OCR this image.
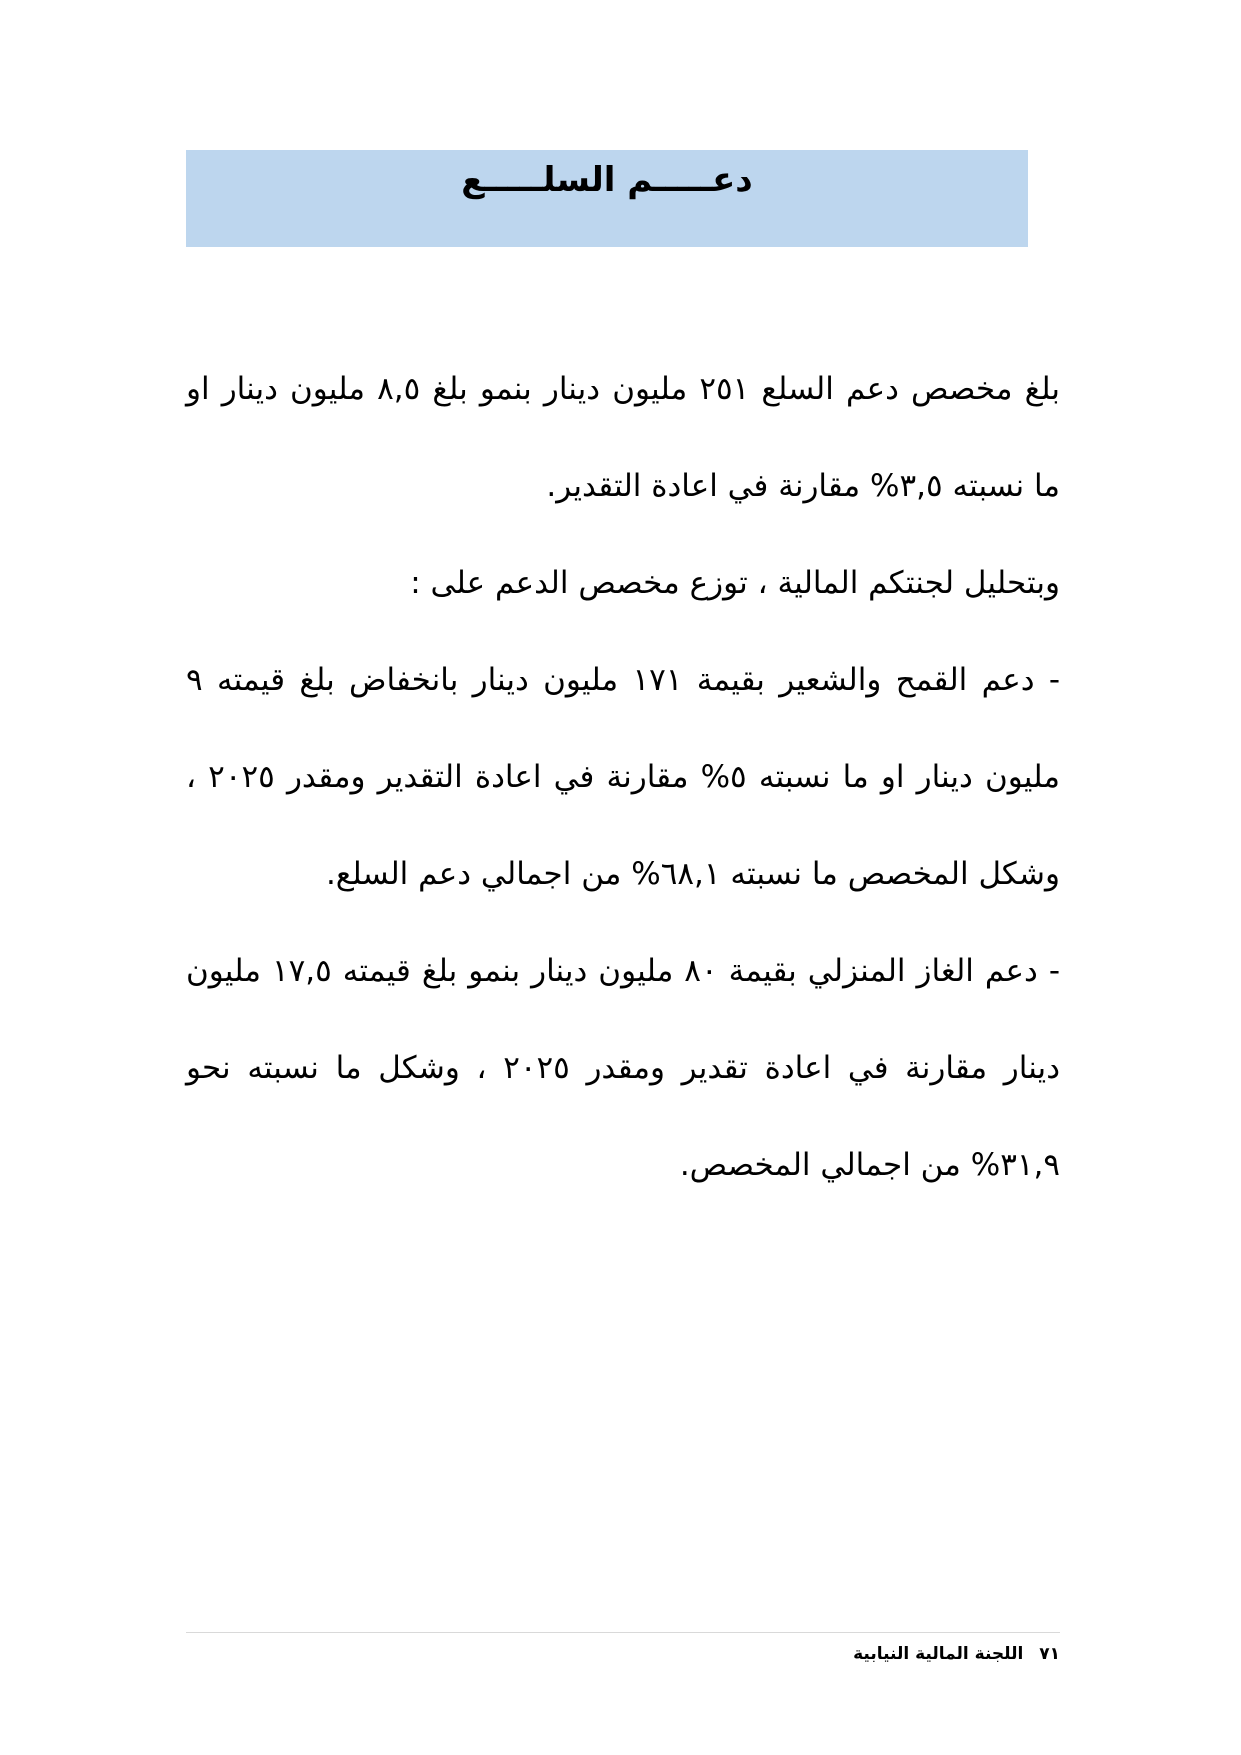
دعـــــم السلـــــع

بلغ مخصص دعم السلع ٢٥١ مليون دينار بنمو بلغ ٨,٥ مليون دينار او ما نسبته ٣,٥% مقارنة في اعادة التقدير.

وبتحليل لجنتكم المالية ، توزع مخصص الدعم على :

- دعم القمح والشعير بقيمة ١٧١ مليون دينار بانخفاض بلغ قيمته ٩ مليون دينار او ما نسبته ٥% مقارنة في اعادة التقدير ومقدر ٢٠٢٥ ، وشكل المخصص ما نسبته ٦٨,١% من اجمالي دعم السلع.

- دعم الغاز المنزلي بقيمة ٨٠ مليون دينار بنمو بلغ قيمته ١٧,٥ مليون دينار مقارنة في اعادة تقدير ومقدر ٢٠٢٥ ، وشكل ما نسبته نحو ٣١,٩% من اجمالي المخصص.

٧١ اللجنة المالية النيابية
